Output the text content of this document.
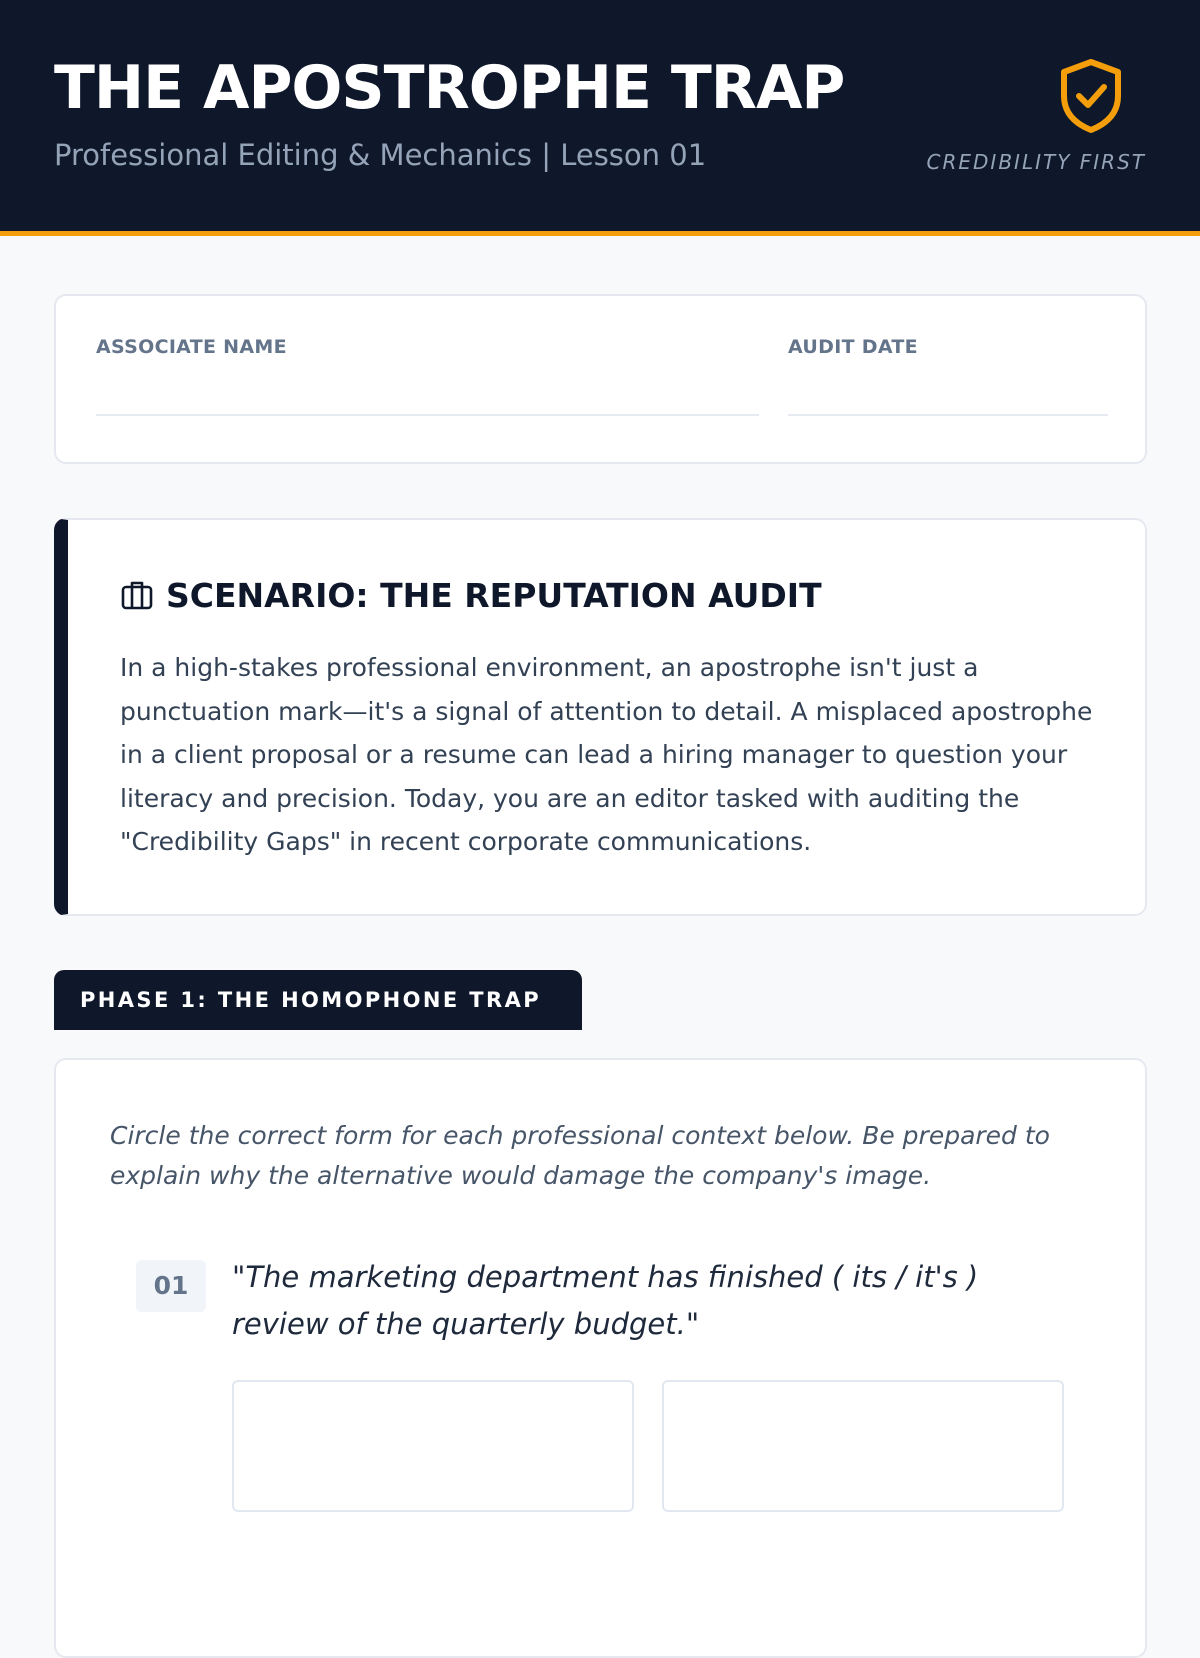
THE APOSTROPHE TRAP
Professional Editing & Mechanics | Lesson 01	CREDIBILITY FIRST
ASSOCIATE NAME	AUDIT DATE
SCENARIO: THE REPUTATION AUDIT

In a high-stakes professional environment, an apostrophe isn't just a punctuation mark—it's a signal of attention to detail. A misplaced apostrophe in a client proposal or a resume can lead a hiring manager to question your literacy and precision. Today, you are an editor tasked with auditing the "Credibility Gaps" in recent corporate communications.

PHASE 1: THE HOMOPHONE TRAP

Circle the correct form for each professional context below. Be prepared to explain why the alternative would damage the company's image.

01	"The marketing department has finished ( its / it's ) review of the quarterly budget."
